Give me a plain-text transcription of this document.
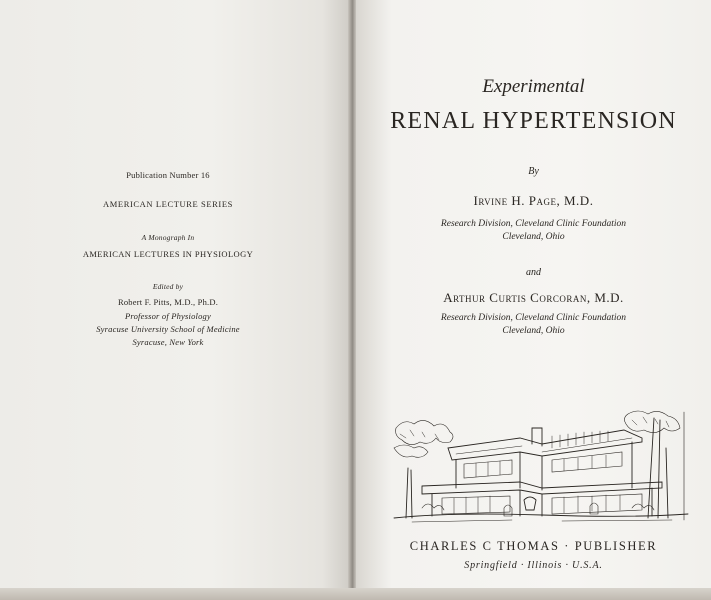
Publication Number 16
AMERICAN LECTURE SERIES
A Monograph In
AMERICAN LECTURES IN PHYSIOLOGY
Edited by
Robert F. Pitts, M.D., Ph.D.
Professor of Physiology
Syracuse University School of Medicine
Syracuse, New York
Experimental
RENAL HYPERTENSION
By
Irvine H. Page, M.D.
Research Division, Cleveland Clinic Foundation
Cleveland, Ohio
and
Arthur Curtis Corcoran, M.D.
Research Division, Cleveland Clinic Foundation
Cleveland, Ohio
CHARLES C THOMAS · PUBLISHER
Springfield · Illinois · U.S.A.
